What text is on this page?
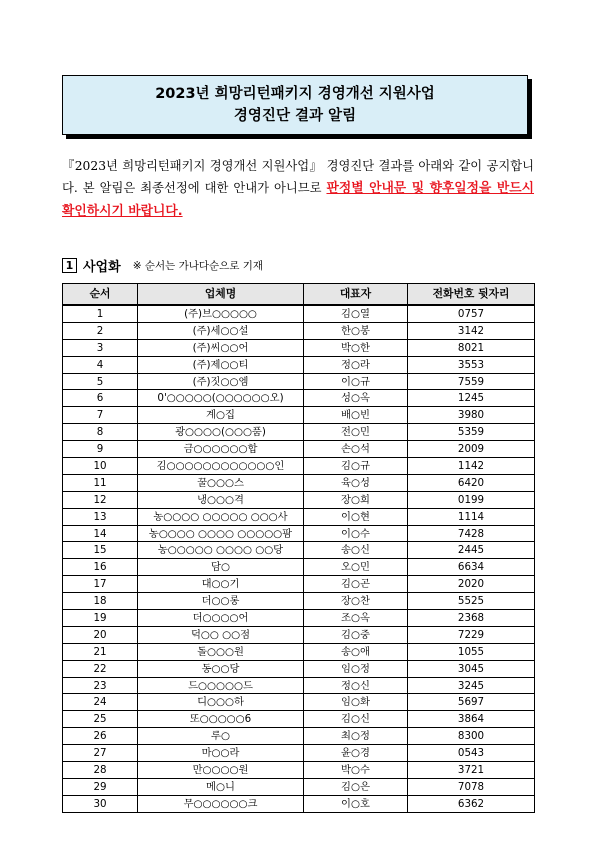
2023년 희망리턴패키지 경영개선 지원사업
경영진단 결과 알림
『2023년 희망리턴패키지 경영개선 지원사업』 경영진단 결과를 아래와 같이 공지합니다. 본 알림은 최종선정에 대한 안내가 아니므로 판정별 안내문 및 향후일정을 반드시 확인하시기 바랍니다.
1 사업화 ※ 순서는 가나다순으로 기재
순서	업체명	대표자	전화번호 뒷자리
1	(주)브○○○○○	김○열	0757
2	(주)세○○설	한○봉	3142
3	(주)씨○○어	박○한	8021
4	(주)제○○티	정○라	3553
5	(주)짓○○엠	이○규	7559
6	0'○○○○○(○○○○○○오)	성○옥	1245
7	계○집	배○빈	3980
8	광○○○○(○○○품)	전○민	5359
9	금○○○○○○합	손○석	2009
10	김○○○○○○○○○○○○인	김○규	1142
11	꿀○○○스	육○성	6420
12	냉○○○격	장○희	0199
13	농○○○○ ○○○○○ ○○○사	이○현	1114
14	농○○○○ ○○○○ ○○○○○팜	이○수	7428
15	농○○○○○ ○○○○ ○○당	송○신	2445
16	담○	오○민	6634
17	대○○기	김○곤	2020
18	더○○롱	장○찬	5525
19	더○○○○어	조○옥	2368
20	덕○○ ○○점	김○중	7229
21	돌○○○원	송○애	1055
22	동○○당	임○정	3045
23	드○○○○○드	정○신	3245
24	디○○○하	임○화	5697
25	또○○○○○6	김○신	3864
26	루○	최○정	8300
27	마○○라	윤○경	0543
28	만○○○○원	박○수	3721
29	메○니	김○은	7078
30	무○○○○○○크	이○호	6362
